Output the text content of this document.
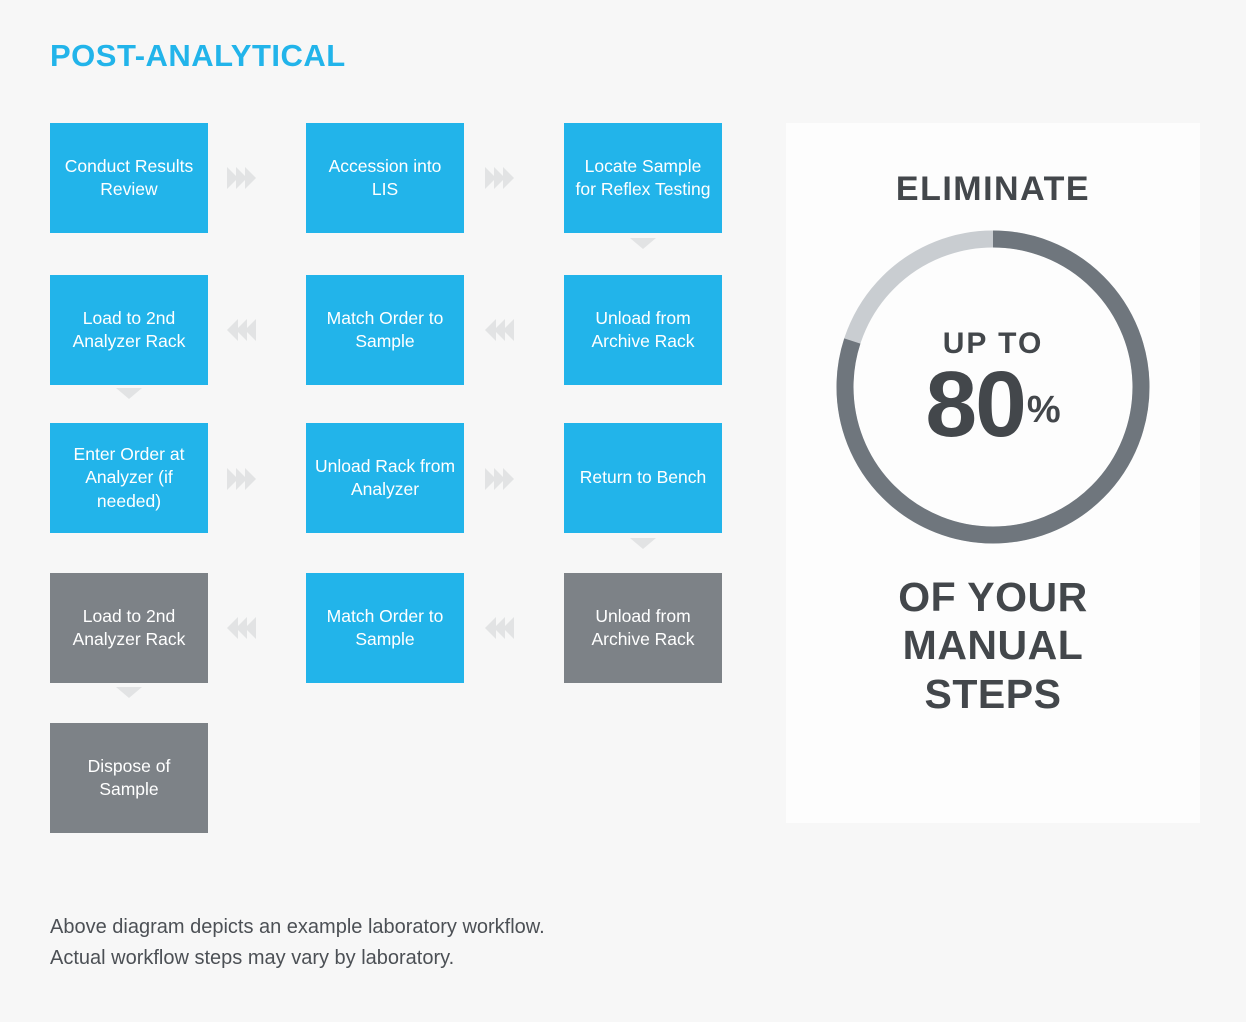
POST-ANALYTICAL
Conduct Results Review
Accession into LIS
Locate Sample for Reflex Testing
Load to 2nd Analyzer Rack
Match Order to Sample
Unload from Archive Rack
Enter Order at Analyzer (if needed)
Unload Rack from Analyzer
Return to Bench
Load to 2nd Analyzer Rack
Match Order to Sample
Unload from Archive Rack
Dispose of Sample
ELIMINATE
UP TO
80 %
OF YOUR
MANUAL
STEPS
Above diagram depicts an example laboratory workflow.
Actual workflow steps may vary by laboratory.
